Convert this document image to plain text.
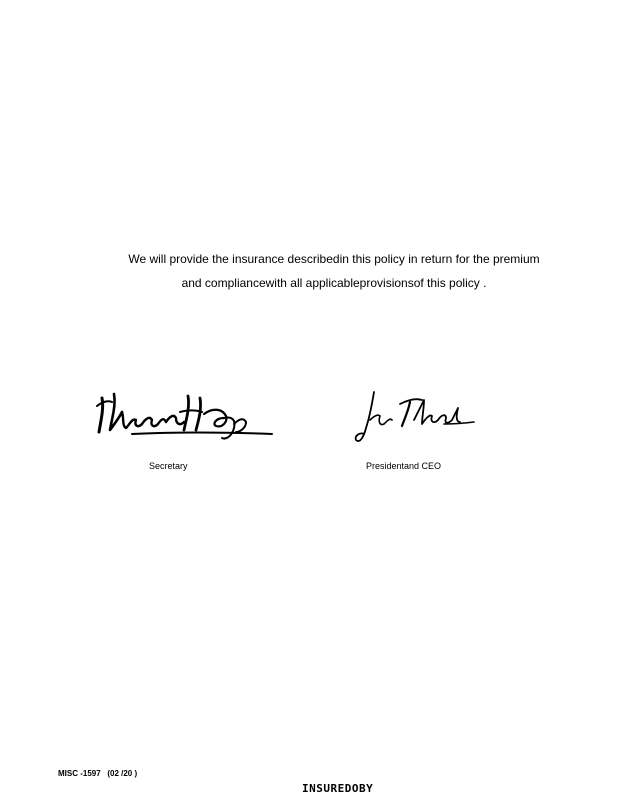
We will provide the insurance describedin this policy in return for the premium
and compliancewith all applicableprovisionsof this policy .
Secretary	Presidentand CEO
MISC -1597   (02 /20 )
INSUREDOBY
